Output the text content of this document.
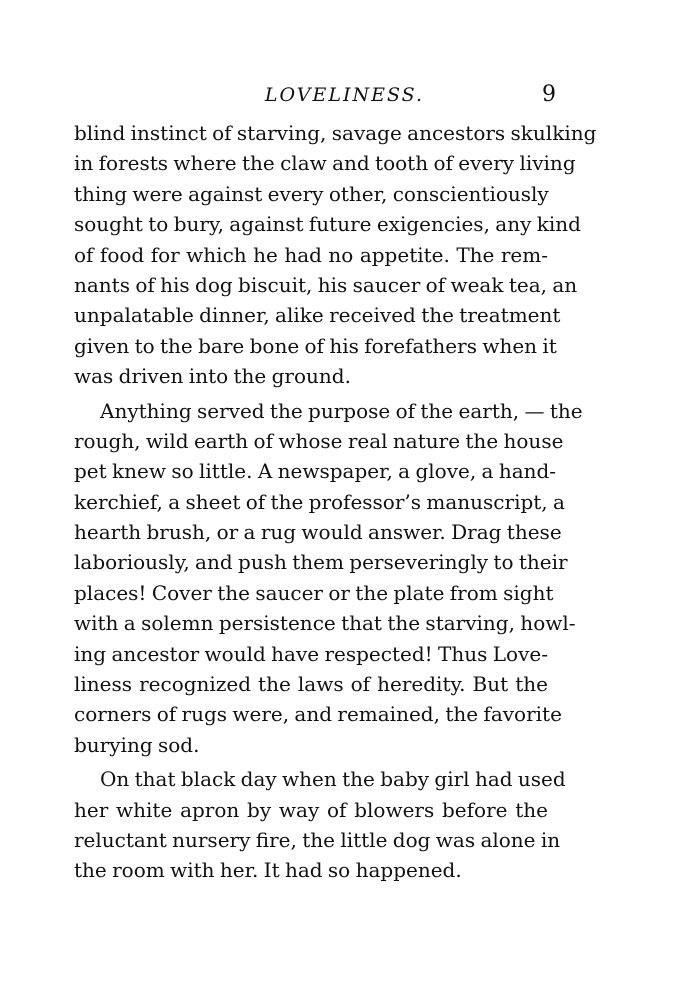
LOVELINESS.	9
blind instinct of starving, savage ancestors skulking
in forests where the claw and tooth of every living
thing were against every other, conscientiously
sought to bury, against future exigencies, any kind
of food for which he had no appetite. The rem-
nants of his dog biscuit, his saucer of weak tea, an
unpalatable dinner, alike received the treatment
given to the bare bone of his forefathers when it
was driven into the ground.
Anything served the purpose of the earth, — the
rough, wild earth of whose real nature the house
pet knew so little. A newspaper, a glove, a hand-
kerchief, a sheet of the professor’s manuscript, a
hearth brush, or a rug would answer. Drag these
laboriously, and push them perseveringly to their
places! Cover the saucer or the plate from sight
with a solemn persistence that the starving, howl-
ing ancestor would have respected! Thus Love-
liness recognized the laws of heredity. But the
corners of rugs were, and remained, the favorite
burying sod.
On that black day when the baby girl had used
her white apron by way of blowers before the
reluctant nursery fire, the little dog was alone in
the room with her. It had so happened.
